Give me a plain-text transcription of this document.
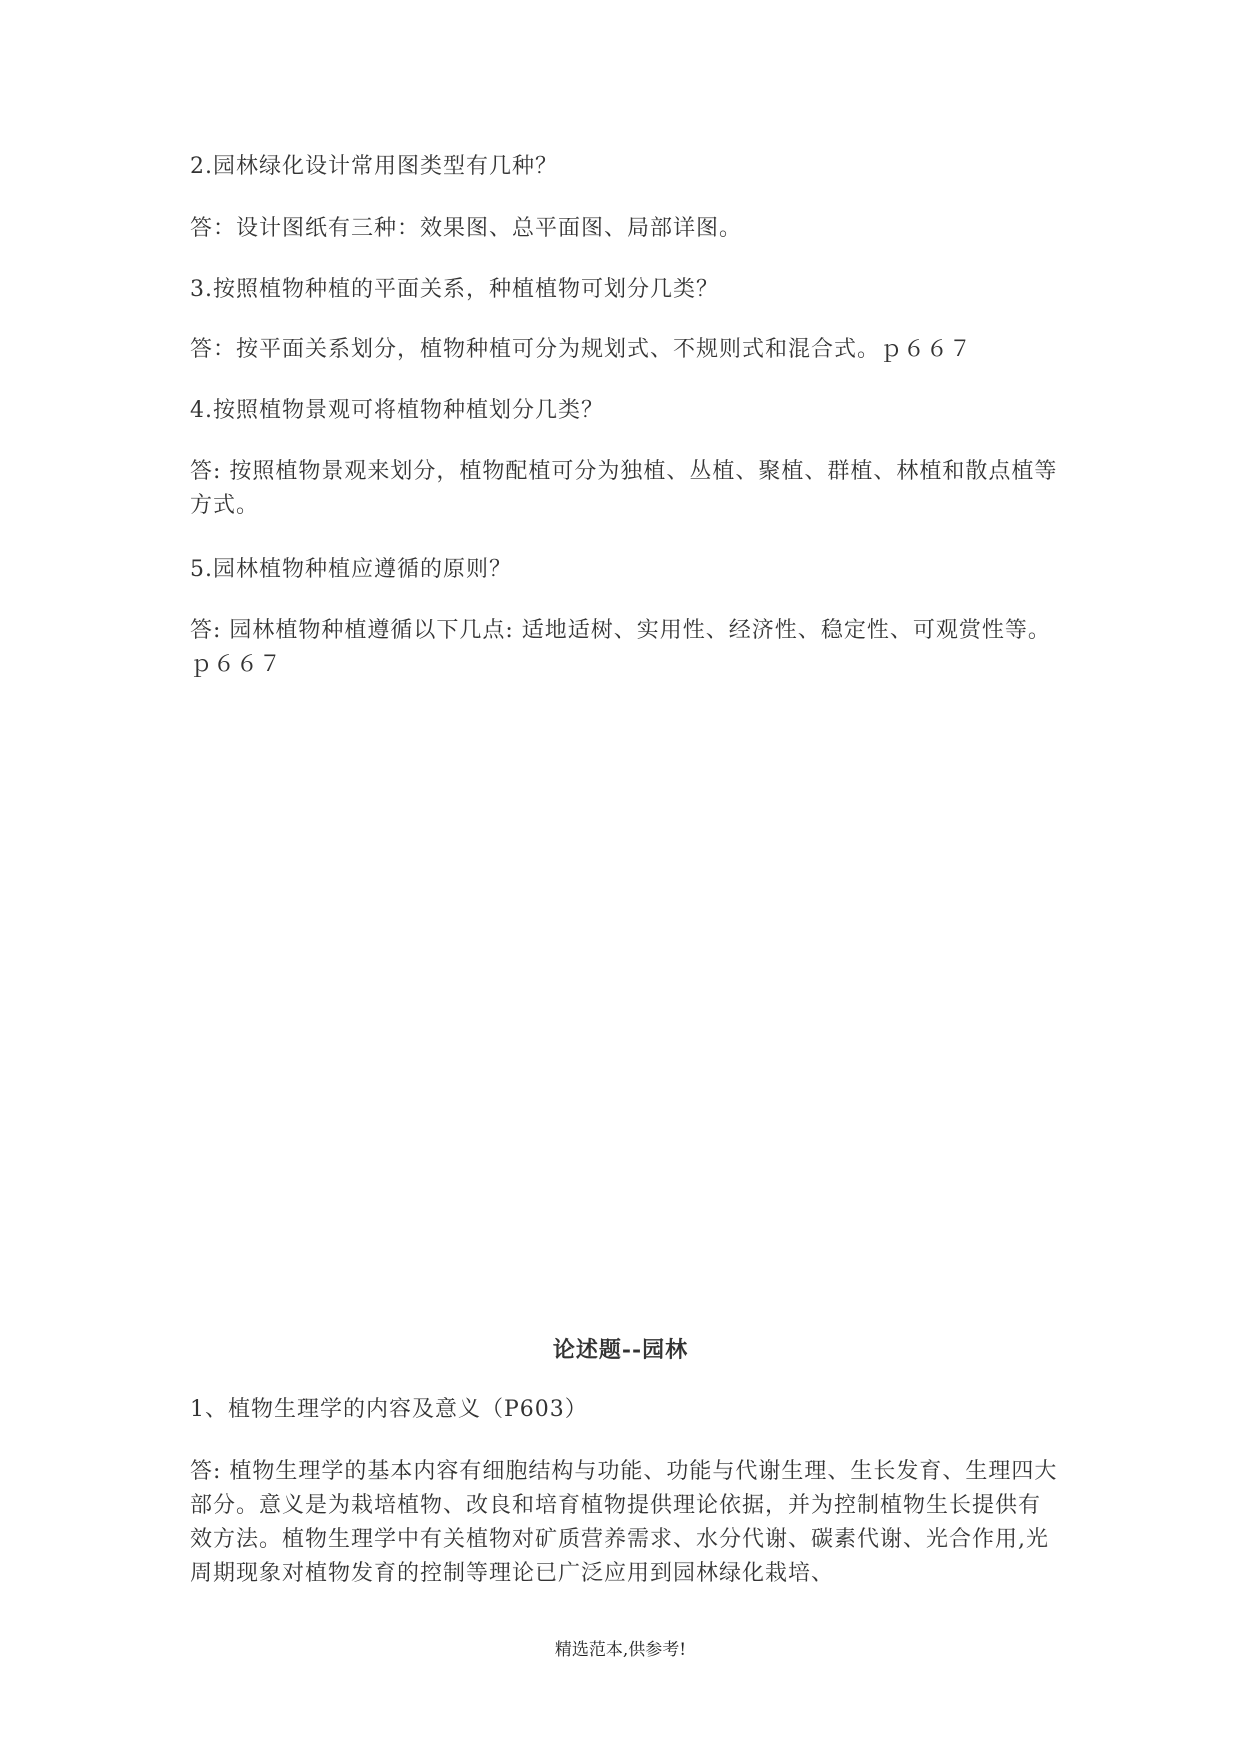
2.园林绿化设计常用图类型有几种？

答：设计图纸有三种：效果图、总平面图、局部详图。

3.按照植物种植的平面关系，种植植物可划分几类？

答：按平面关系划分，植物种植可分为规划式、不规则式和混合式。ｐ６６７

4.按照植物景观可将植物种植划分几类？

答: 按照植物景观来划分，植物配植可分为独植、丛植、聚植、群植、林植和散点植等方式。

5.园林植物种植应遵循的原则？

答: 园林植物种植遵循以下几点: 适地适树、实用性、经济性、稳定性、可观赏性等。ｐ６６７

论述题--园林

1、植物生理学的内容及意义（P603）

答: 植物生理学的基本内容有细胞结构与功能、功能与代谢生理、生长发育、生理四大部分。意义是为栽培植物、改良和培育植物提供理论依据，并为控制植物生长提供有效方法。植物生理学中有关植物对矿质营养需求、水分代谢、碳素代谢、光合作用,光周期现象对植物发育的控制等理论已广泛应用到园林绿化栽培、

精选范本,供参考!
